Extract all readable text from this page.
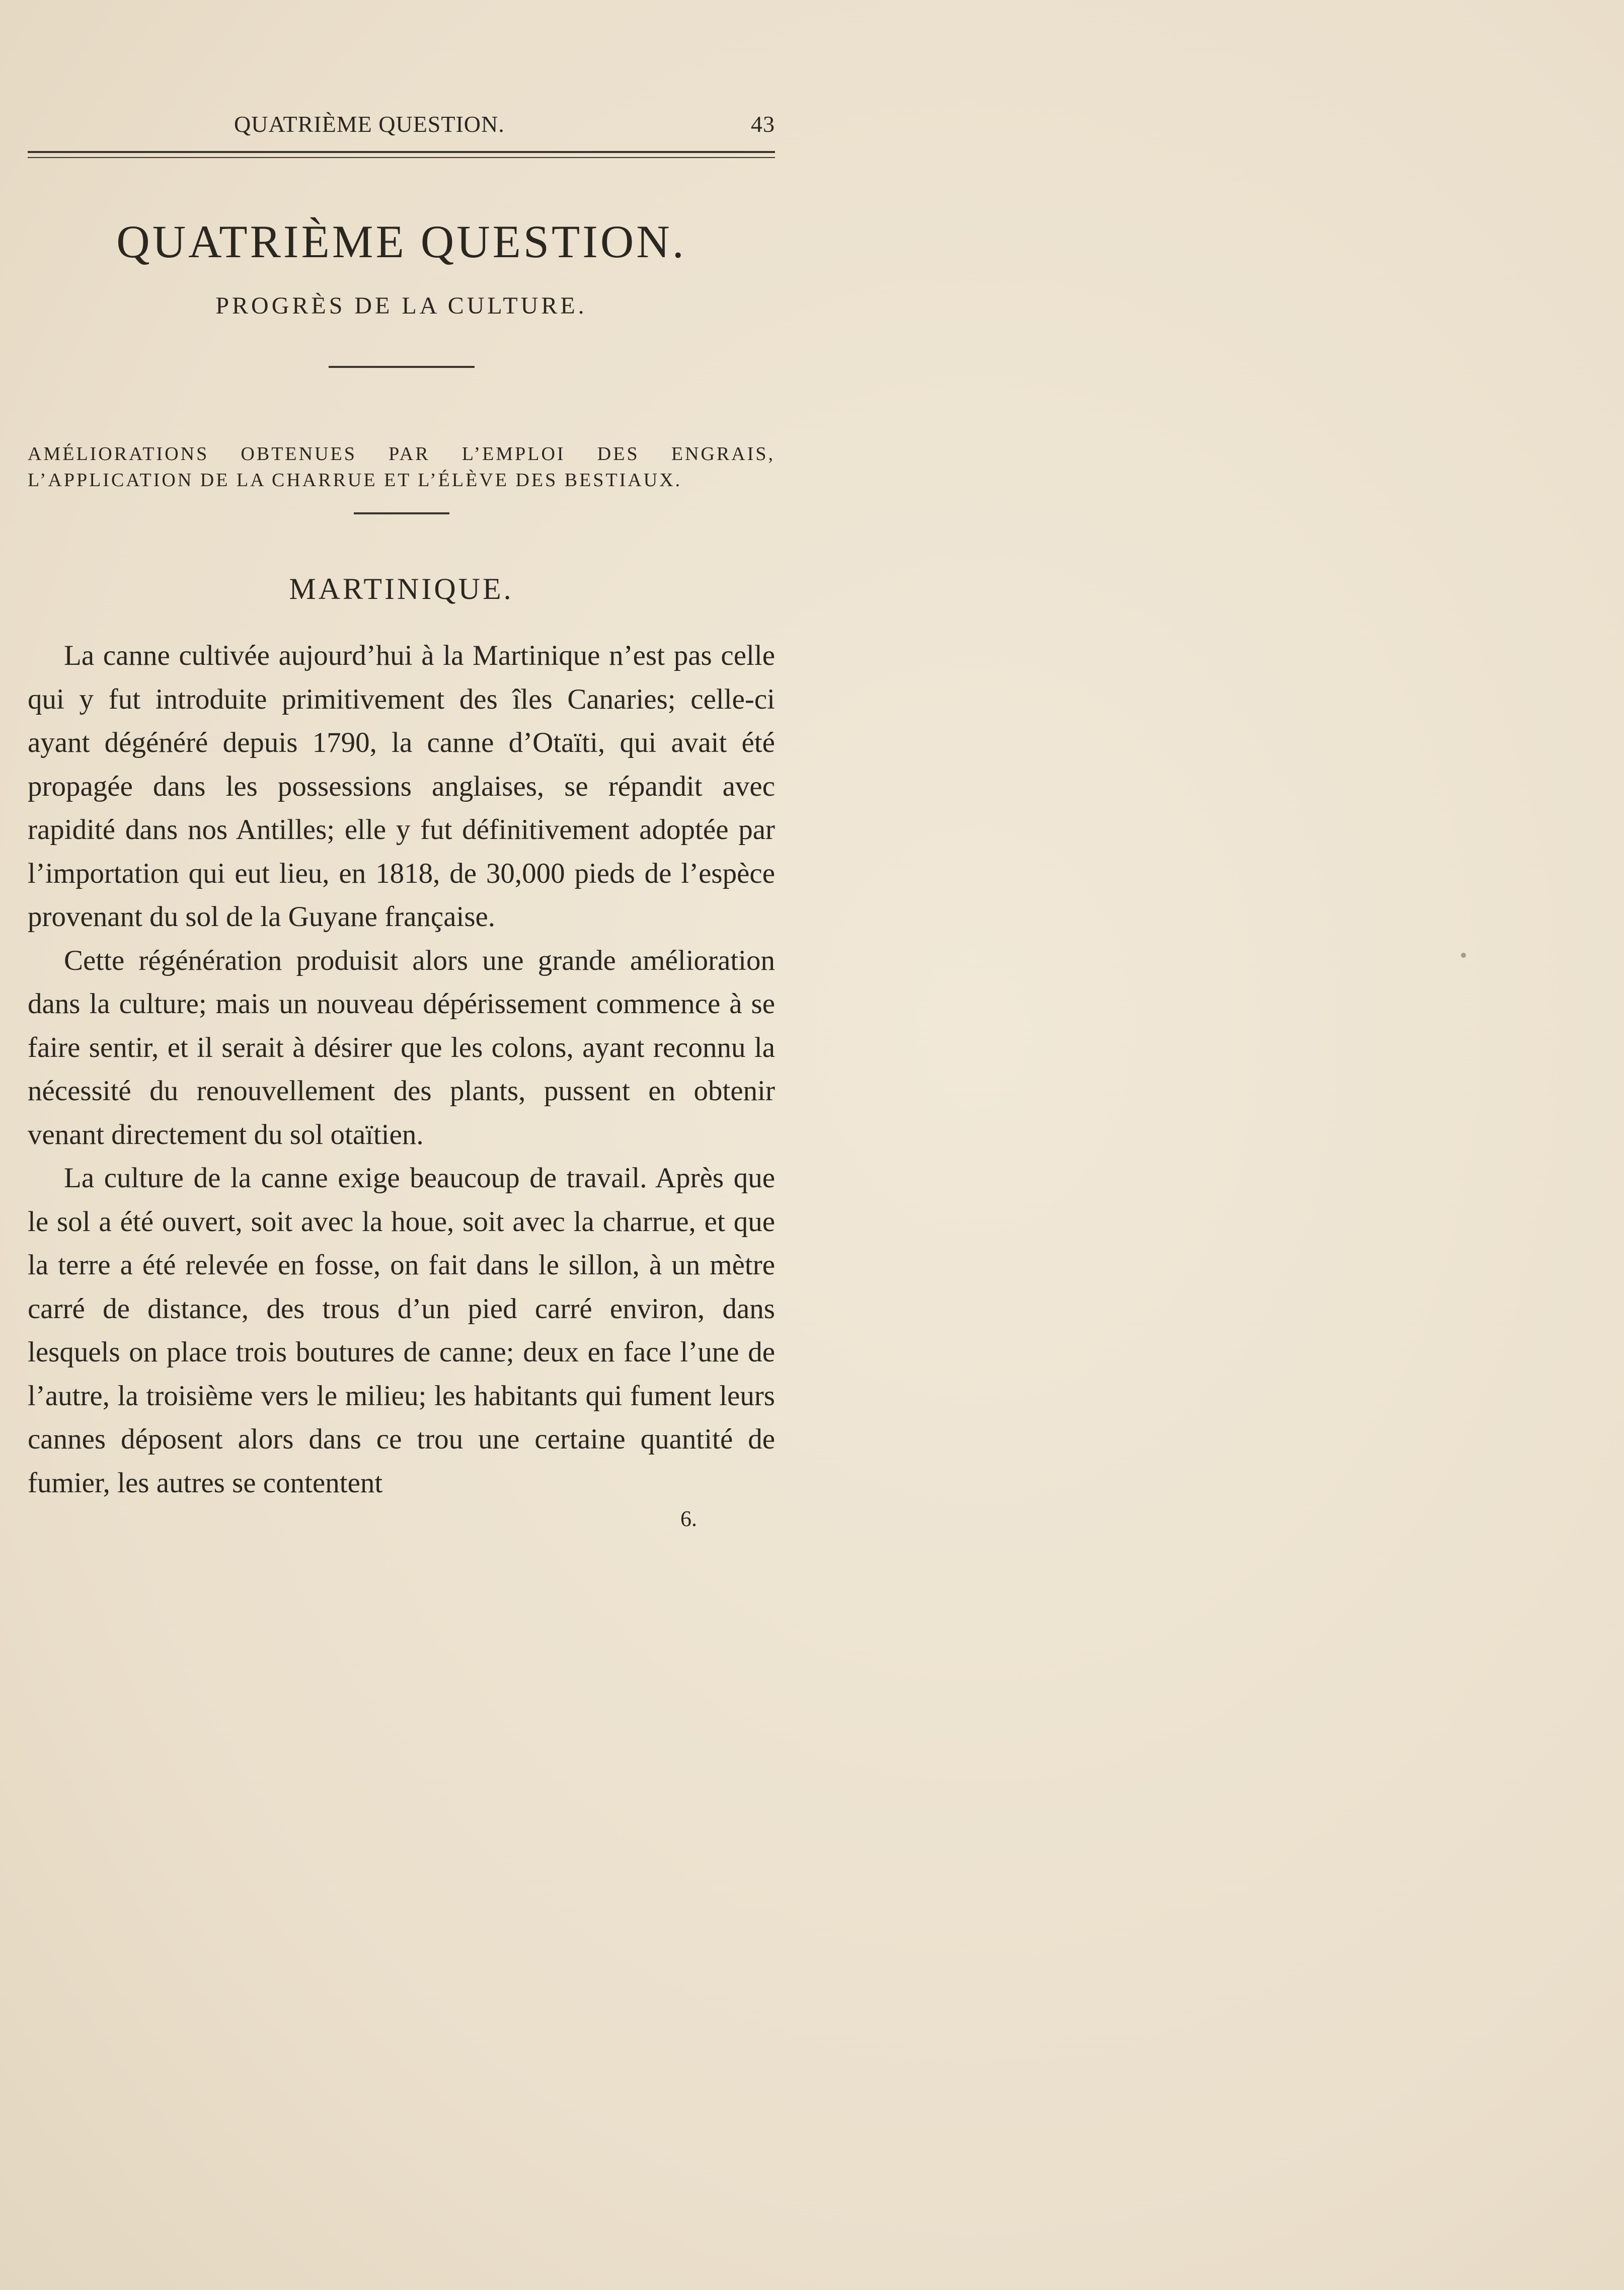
QUATRIÈME QUESTION.	43
QUATRIÈME QUESTION.
PROGRÈS DE LA CULTURE.
AMÉLIORATIONS OBTENUES PAR L’EMPLOI DES ENGRAIS, L’APPLICATION DE LA CHARRUE ET L’ÉLÈVE DES BESTIAUX.
MARTINIQUE.

La canne cultivée aujourd’hui à la Martinique n’est pas celle qui y fut introduite primitivement des îles Canaries; celle-ci ayant dégénéré depuis 1790, la canne d’Otaïti, qui avait été propagée dans les possessions anglaises, se répandit avec rapidité dans nos Antilles; elle y fut définitivement adoptée par l’importation qui eut lieu, en 1818, de 30,000 pieds de l’espèce provenant du sol de la Guyane française.

Cette régénération produisit alors une grande amélioration dans la culture; mais un nouveau dépérissement commence à se faire sentir, et il serait à désirer que les colons, ayant reconnu la nécessité du renouvellement des plants, pussent en obtenir venant directement du sol otaïtien.

La culture de la canne exige beaucoup de travail. Après que le sol a été ouvert, soit avec la houe, soit avec la charrue, et que la terre a été relevée en fosse, on fait dans le sillon, à un mètre carré de distance, des trous d’un pied carré environ, dans lesquels on place trois boutures de canne; deux en face l’une de l’autre, la troisième vers le milieu; les habitants qui fument leurs cannes déposent alors dans ce trou une certaine quantité de fumier, les autres se contentent

6.
